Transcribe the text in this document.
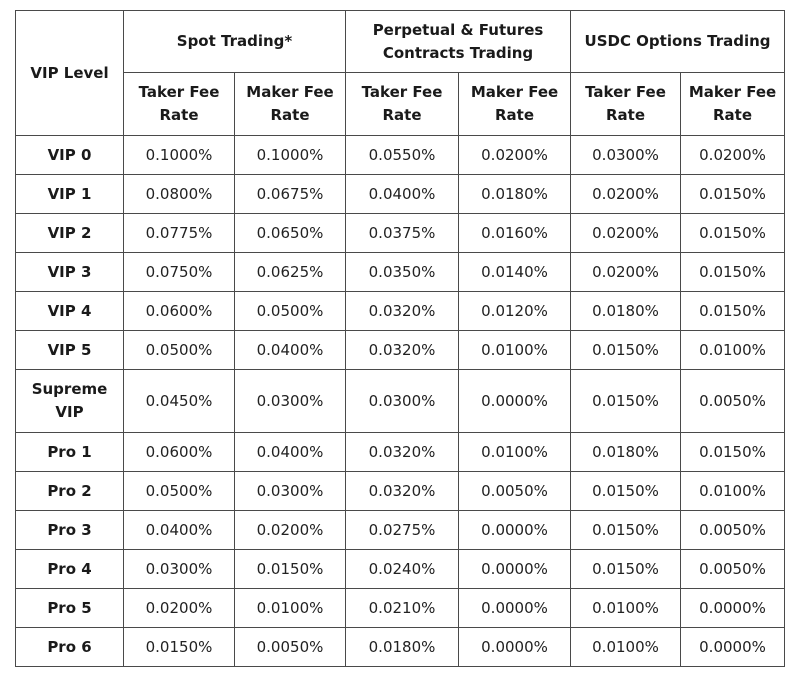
VIP Level	Spot Trading*		Perpetual & Futures Contracts Trading		USDC Options Trading	
	Taker Fee Rate	Maker Fee Rate	Taker Fee Rate	Maker Fee Rate	Taker Fee Rate	Maker Fee Rate
VIP 0	0.1000%	0.1000%	0.0550%	0.0200%	0.0300%	0.0200%
VIP 1	0.0800%	0.0675%	0.0400%	0.0180%	0.0200%	0.0150%
VIP 2	0.0775%	0.0650%	0.0375%	0.0160%	0.0200%	0.0150%
VIP 3	0.0750%	0.0625%	0.0350%	0.0140%	0.0200%	0.0150%
VIP 4	0.0600%	0.0500%	0.0320%	0.0120%	0.0180%	0.0150%
VIP 5	0.0500%	0.0400%	0.0320%	0.0100%	0.0150%	0.0100%
Supreme VIP	0.0450%	0.0300%	0.0300%	0.0000%	0.0150%	0.0050%
Pro 1	0.0600%	0.0400%	0.0320%	0.0100%	0.0180%	0.0150%
Pro 2	0.0500%	0.0300%	0.0320%	0.0050%	0.0150%	0.0100%
Pro 3	0.0400%	0.0200%	0.0275%	0.0000%	0.0150%	0.0050%
Pro 4	0.0300%	0.0150%	0.0240%	0.0000%	0.0150%	0.0050%
Pro 5	0.0200%	0.0100%	0.0210%	0.0000%	0.0100%	0.0000%
Pro 6	0.0150%	0.0050%	0.0180%	0.0000%	0.0100%	0.0000%
